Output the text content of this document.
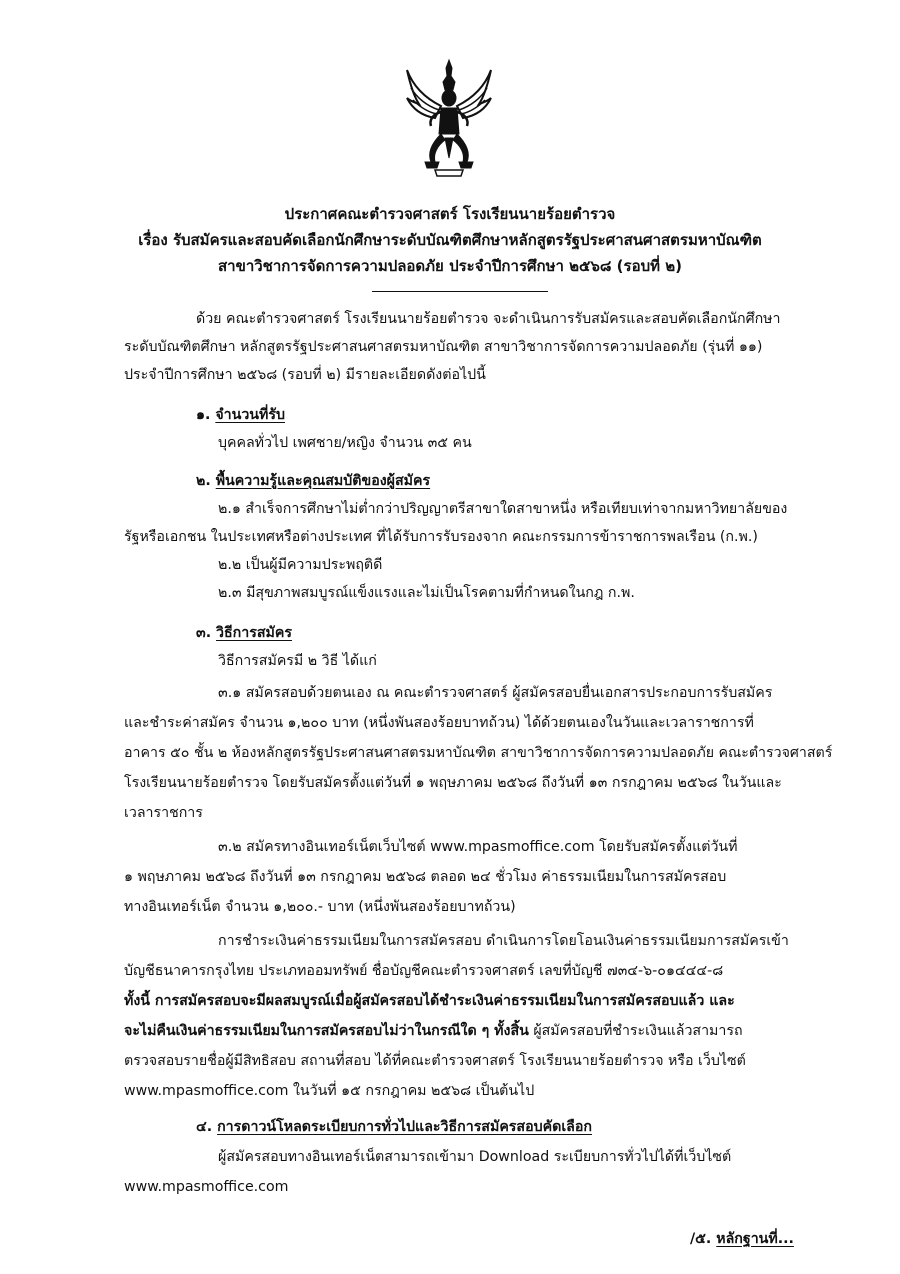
ประกาศคณะตำรวจศาสตร์ โรงเรียนนายร้อยตำรวจ
เรื่อง รับสมัครและสอบคัดเลือกนักศึกษาระดับบัณฑิตศึกษาหลักสูตรรัฐประศาสนศาสตรมหาบัณฑิต
สาขาวิชาการจัดการความปลอดภัย ประจำปีการศึกษา ๒๕๖๘ (รอบที่ ๒)
ด้วย คณะตำรวจศาสตร์ โรงเรียนนายร้อยตำรวจ จะดำเนินการรับสมัครและสอบคัดเลือกนักศึกษา
ระดับบัณฑิตศึกษา หลักสูตรรัฐประศาสนศาสตรมหาบัณฑิต สาขาวิชาการจัดการความปลอดภัย (รุ่นที่ ๑๑)
ประจำปีการศึกษา ๒๕๖๘ (รอบที่ ๒) มีรายละเอียดดังต่อไปนี้
๑. จำนวนที่รับ
บุคคลทั่วไป เพศชาย/หญิง จำนวน ๓๕ คน
๒. พื้นความรู้และคุณสมบัติของผู้สมัคร
๒.๑ สำเร็จการศึกษาไม่ต่ำกว่าปริญญาตรีสาขาใดสาขาหนึ่ง หรือเทียบเท่าจากมหาวิทยาลัยของ
รัฐหรือเอกชน ในประเทศหรือต่างประเทศ ที่ได้รับการรับรองจาก คณะกรรมการข้าราชการพลเรือน (ก.พ.)
๒.๒ เป็นผู้มีความประพฤติดี
๒.๓ มีสุขภาพสมบูรณ์แข็งแรงและไม่เป็นโรคตามที่กำหนดในกฎ ก.พ.
๓. วิธีการสมัคร
วิธีการสมัครมี ๒ วิธี ได้แก่
๓.๑ สมัครสอบด้วยตนเอง ณ คณะตำรวจศาสตร์ ผู้สมัครสอบยื่นเอกสารประกอบการรับสมัคร
และชำระค่าสมัคร จำนวน ๑,๒๐๐ บาท (หนึ่งพันสองร้อยบาทถ้วน) ได้ด้วยตนเองในวันและเวลาราชการที่
อาคาร ๕๐ ชั้น ๒ ห้องหลักสูตรรัฐประศาสนศาสตรมหาบัณฑิต สาขาวิชาการจัดการความปลอดภัย คณะตำรวจศาสตร์
โรงเรียนนายร้อยตำรวจ โดยรับสมัครตั้งแต่วันที่ ๑ พฤษภาคม ๒๕๖๘ ถึงวันที่ ๑๓ กรกฎาคม ๒๕๖๘ ในวันและ
เวลาราชการ
๓.๒ สมัครทางอินเทอร์เน็ตเว็บไซต์ www.mpasmoffice.com โดยรับสมัครตั้งแต่วันที่
๑ พฤษภาคม ๒๕๖๘ ถึงวันที่ ๑๓ กรกฎาคม ๒๕๖๘ ตลอด ๒๔ ชั่วโมง ค่าธรรมเนียมในการสมัครสอบ
ทางอินเทอร์เน็ต จำนวน ๑,๒๐๐.- บาท (หนึ่งพันสองร้อยบาทถ้วน)
การชำระเงินค่าธรรมเนียมในการสมัครสอบ ดำเนินการโดยโอนเงินค่าธรรมเนียมการสมัครเข้า
บัญชีธนาคารกรุงไทย ประเภทออมทรัพย์ ชื่อบัญชีคณะตำรวจศาสตร์ เลขที่บัญชี ๗๓๔-๖-๐๑๔๔๔-๘
ทั้งนี้ การสมัครสอบจะมีผลสมบูรณ์เมื่อผู้สมัครสอบได้ชำระเงินค่าธรรมเนียมในการสมัครสอบแล้ว และ
จะไม่คืนเงินค่าธรรมเนียมในการสมัครสอบไม่ว่าในกรณีใด ๆ ทั้งสิ้น ผู้สมัครสอบที่ชำระเงินแล้วสามารถ
ตรวจสอบรายชื่อผู้มีสิทธิสอบ สถานที่สอบ ได้ที่คณะตำรวจศาสตร์ โรงเรียนนายร้อยตำรวจ หรือ เว็บไซต์
www.mpasmoffice.com ในวันที่ ๑๕ กรกฎาคม ๒๕๖๘ เป็นต้นไป
๔. การดาวน์โหลดระเบียบการทั่วไปและวิธีการสมัครสอบคัดเลือก
ผู้สมัครสอบทางอินเทอร์เน็ตสามารถเข้ามา Download ระเบียบการทั่วไปได้ที่เว็บไซต์
www.mpasmoffice.com
/๕. หลักฐานที่...
